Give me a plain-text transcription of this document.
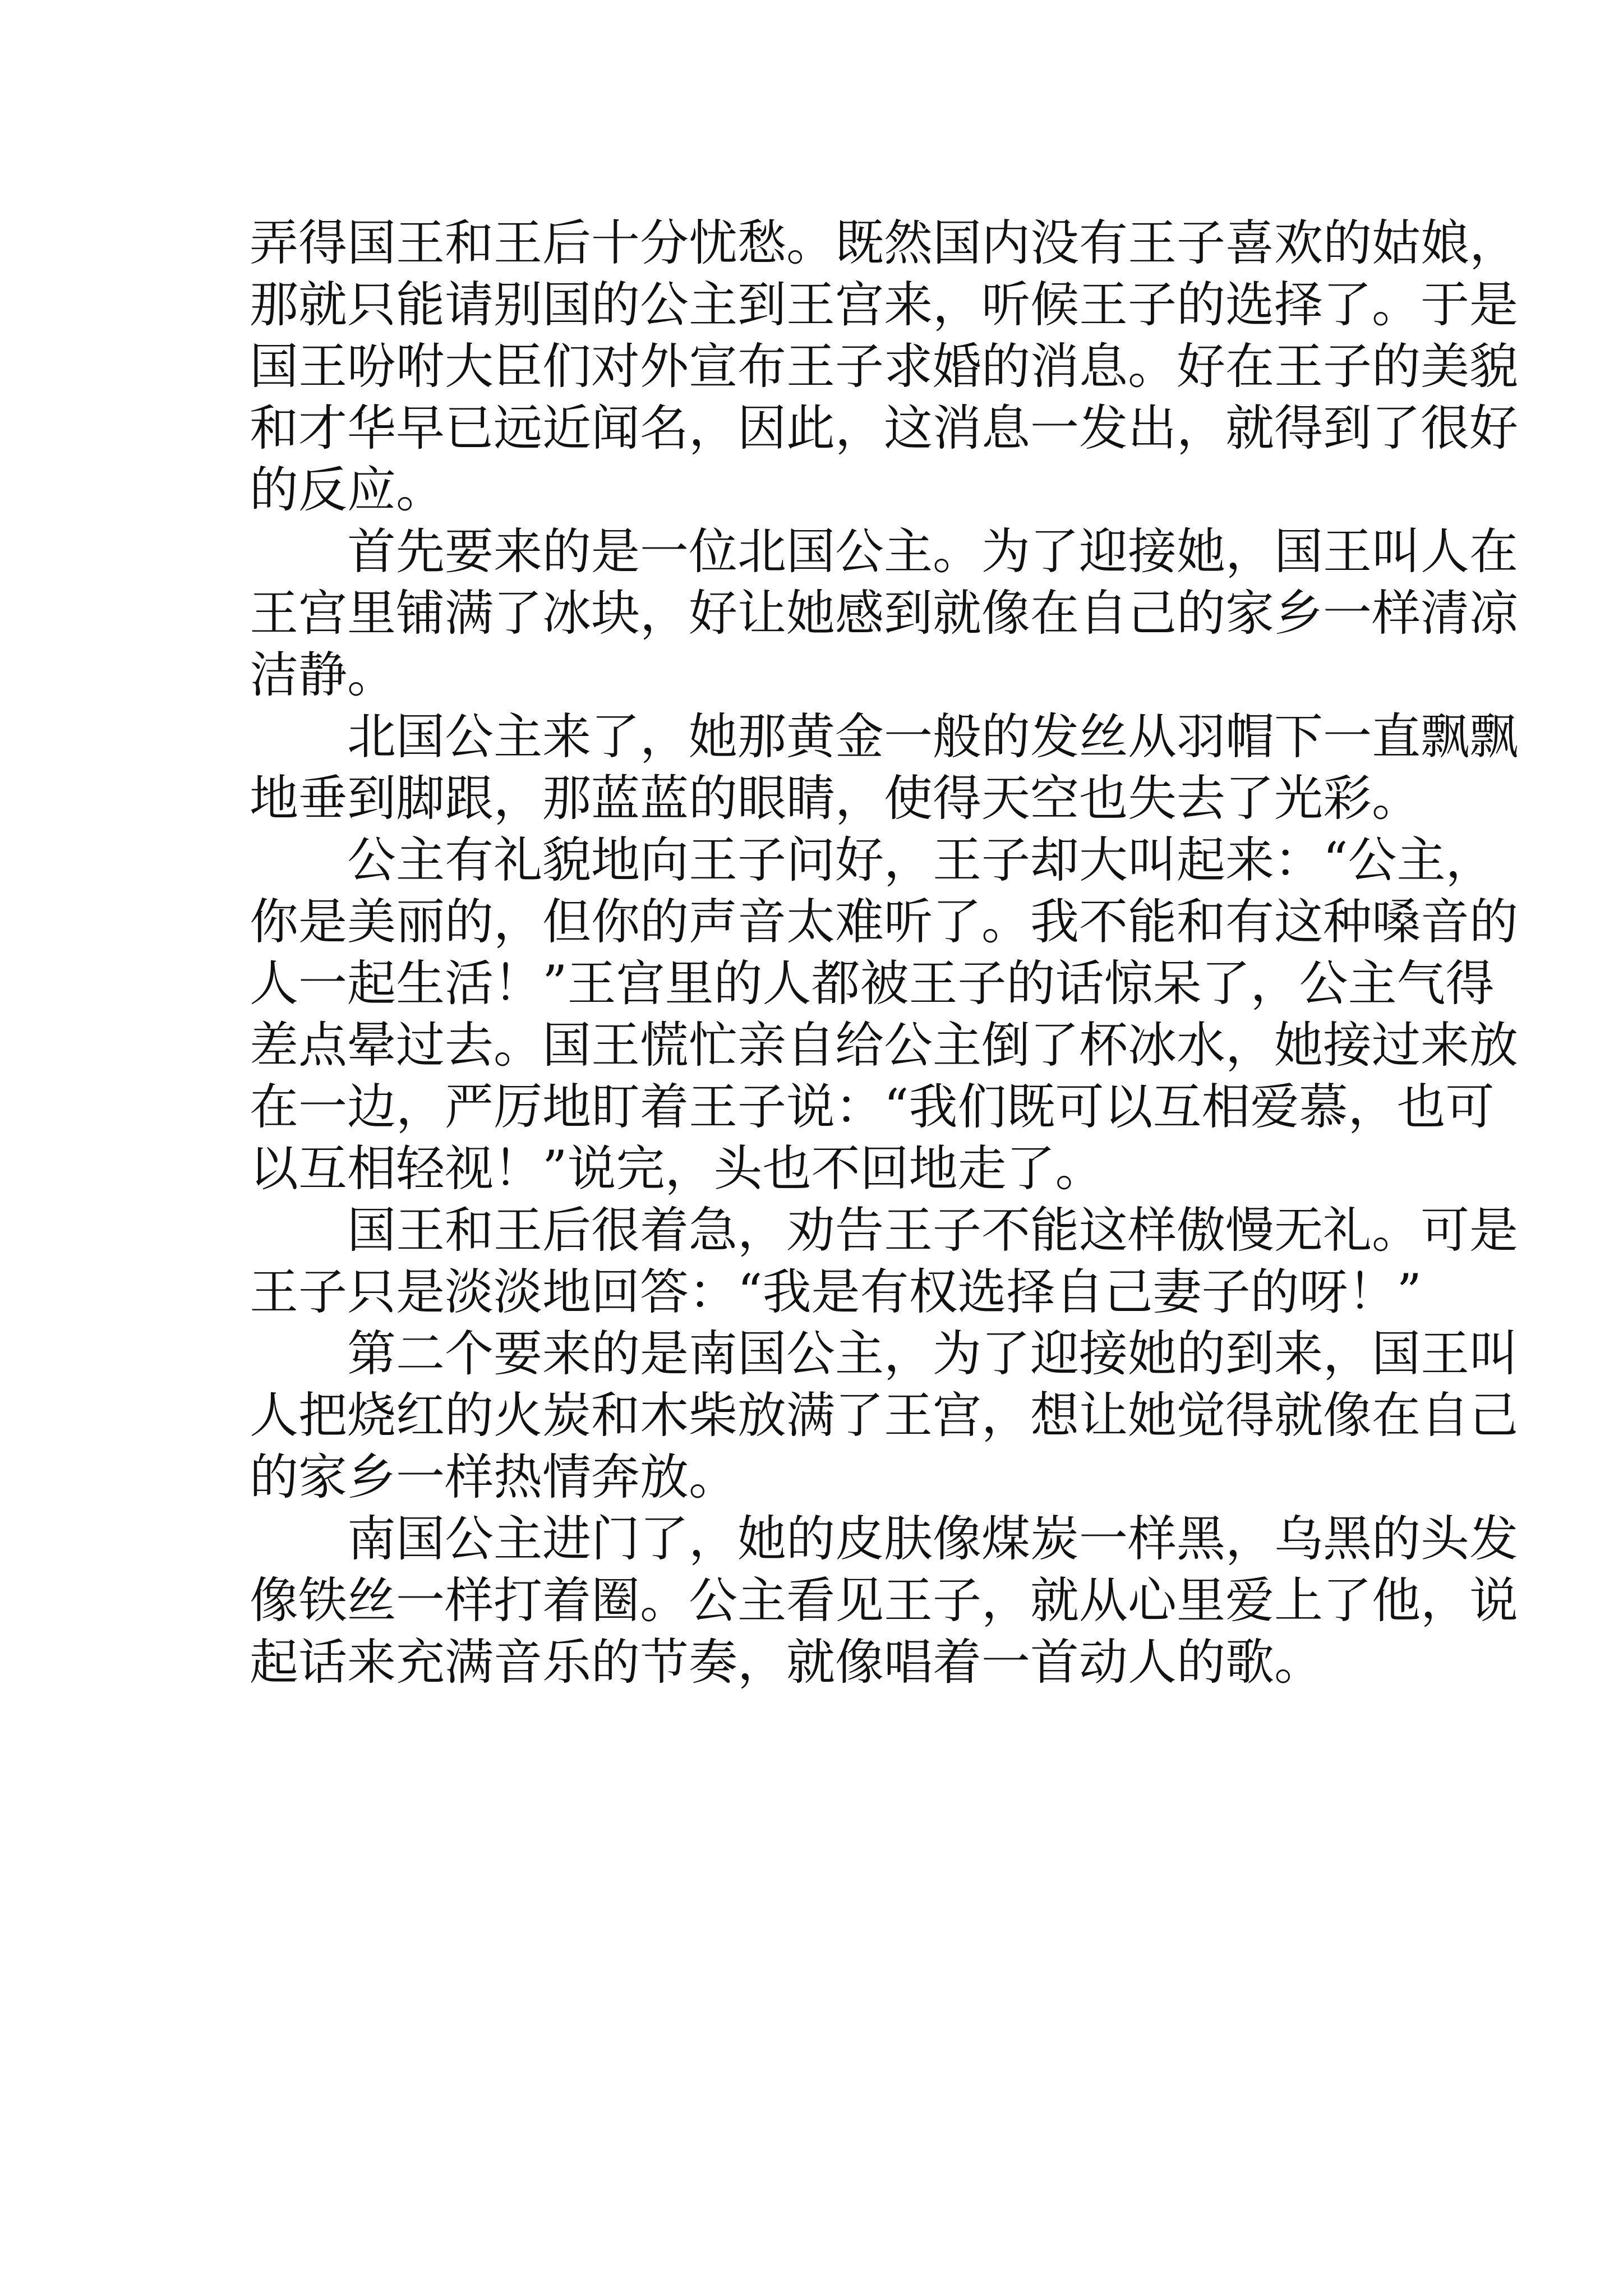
弄得国王和王后十分忧愁。既然国内没有王子喜欢的姑娘，
那就只能请别国的公主到王宫来，听候王子的选择了。于是
国王吩咐大臣们对外宣布王子求婚的消息。好在王子的美貌
和才华早已远近闻名，因此，这消息一发出，就得到了很好
的反应。
　　首先要来的是一位北国公主。为了迎接她，国王叫人在
王宫里铺满了冰块，好让她感到就像在自己的家乡一样清凉
洁静。
　　北国公主来了，她那黄金一般的发丝从羽帽下一直飘飘
地垂到脚跟，那蓝蓝的眼睛，使得天空也失去了光彩。
　　公主有礼貌地向王子问好，王子却大叫起来：“公主，
你是美丽的，但你的声音太难听了。我不能和有这种嗓音的
人一起生活！”王宫里的人都被王子的话惊呆了，公主气得
差点晕过去。国王慌忙亲自给公主倒了杯冰水，她接过来放
在一边，严厉地盯着王子说：“我们既可以互相爱慕，也可
以互相轻视！”说完，头也不回地走了。
　　国王和王后很着急，劝告王子不能这样傲慢无礼。可是
王子只是淡淡地回答：“我是有权选择自己妻子的呀！”
　　第二个要来的是南国公主，为了迎接她的到来，国王叫
人把烧红的火炭和木柴放满了王宫，想让她觉得就像在自己
的家乡一样热情奔放。
　　南国公主进门了，她的皮肤像煤炭一样黑，乌黑的头发
像铁丝一样打着圈。公主看见王子，就从心里爱上了他，说
起话来充满音乐的节奏，就像唱着一首动人的歌。
